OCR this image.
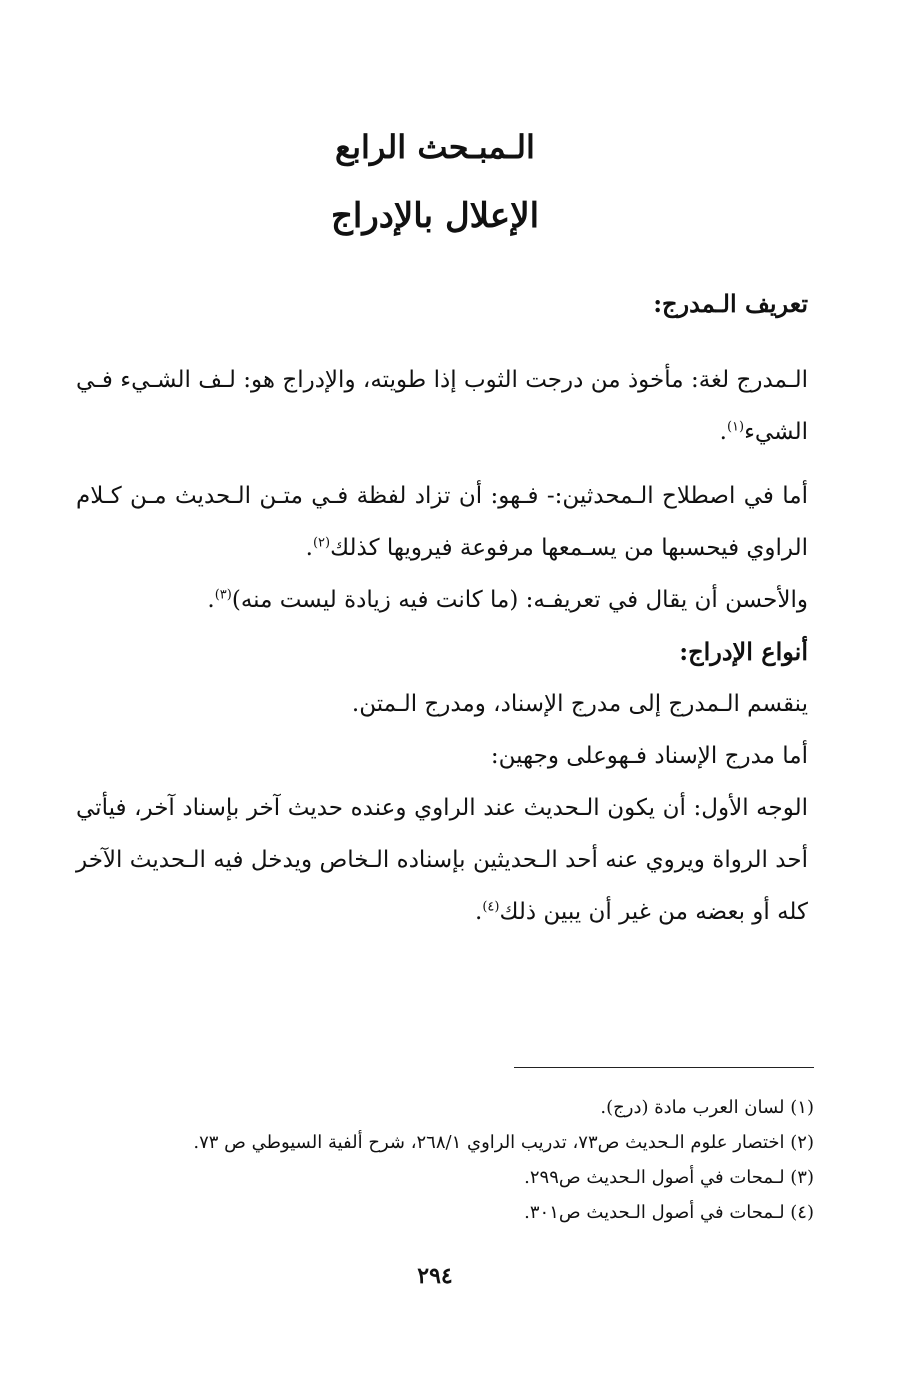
الـمبـحث الرابع
الإعلال بالإدراج

تعريف الـمدرج:

الـمدرج لغة: مأخوذ من درجت الثوب إذا طويته، والإدراج هو: لـف الشـيء فـي الشيء$^{(١)}$.

أما في اصطلاح الـمحدثين:- فـهو: أن تزاد لفظة فـي متـن الـحديث مـن كـلام الراوي فيحسبها من يسـمعها مرفوعة فيرويها كذلك$^{(٢)}$.

والأحسن أن يقال في تعريفـه: (ما كانت فيه زيادة ليست منه)$^{(٣)}$.

أنواع الإدراج:

ينقسم الـمدرج إلى مدرج الإسناد، ومدرج الـمتن.

أما مدرج الإسناد فـهوعلى وجهين:

الوجه الأول: أن يكون الـحديث عند الراوي وعنده حديث آخر بإسناد آخر، فيأتي أحد الرواة ويروي عنه أحد الـحديثين بإسناده الـخاص ويدخل فيه الـحديث الآخر كله أو بعضه من غير أن يبين ذلك$^{(٤)}$.

(١) لسان العرب مادة (درج).
(٢) اختصار علوم الـحديث ص٧٣، تدريب الراوي ٢٦٨/١، شرح ألفية السيوطي ص ٧٣.
(٣) لـمحات في أصول الـحديث ص٢٩٩.
(٤) لـمحات في أصول الـحديث ص٣٠١.
٢٩٤
